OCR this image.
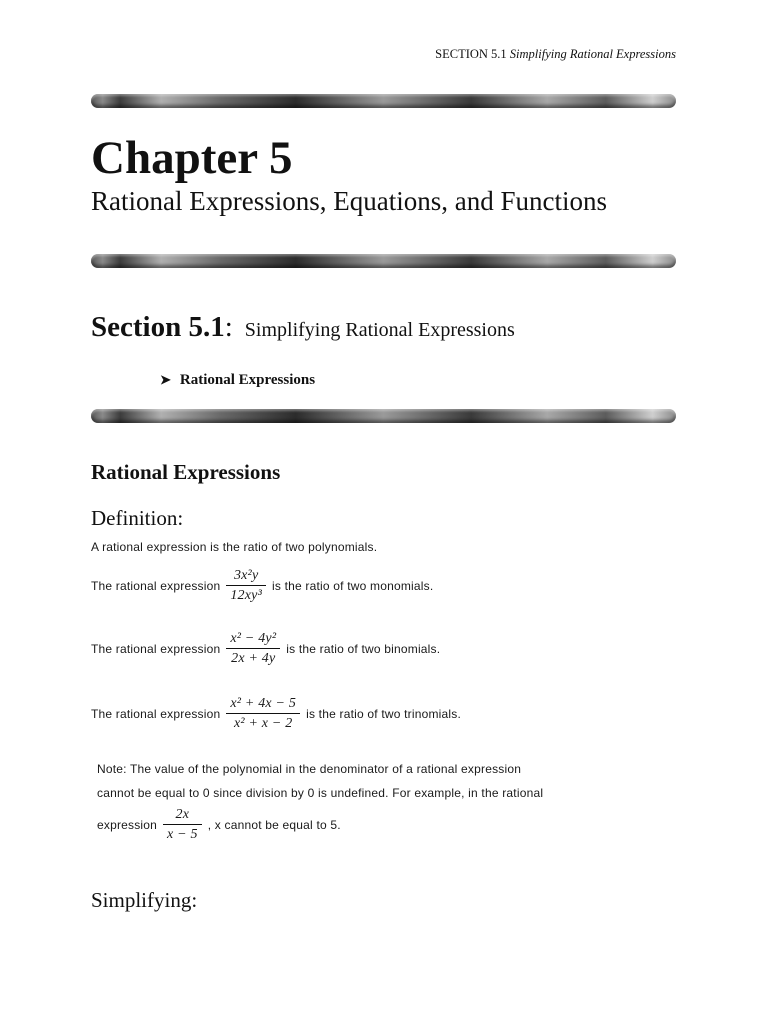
SECTION 5.1 Simplifying Rational Expressions
Chapter 5
Rational Expressions, Equations, and Functions
Section 5.1: Simplifying Rational Expressions
➤ Rational Expressions
Rational Expressions
Definition:
A rational expression is the ratio of two polynomials.
The rational expression $\frac{\text{3x²y}}{\text{12xy³}}$ is the ratio of two monomials.
The rational expression $\frac{\text{x² − 4y²}}{2x + 4y}$ is the ratio of two binomials.
The rational expression $\frac{\text{x² + 4x − 5}}{\text{x² + x − 2}}$ is the ratio of two trinomials.
Note: The value of the polynomial in the denominator of a rational expression
cannot be equal to 0 since division by 0 is undefined. For example, in the rational
expression $\frac{2x}{x - 5}$ , x cannot be equal to 5.
Simplifying:
